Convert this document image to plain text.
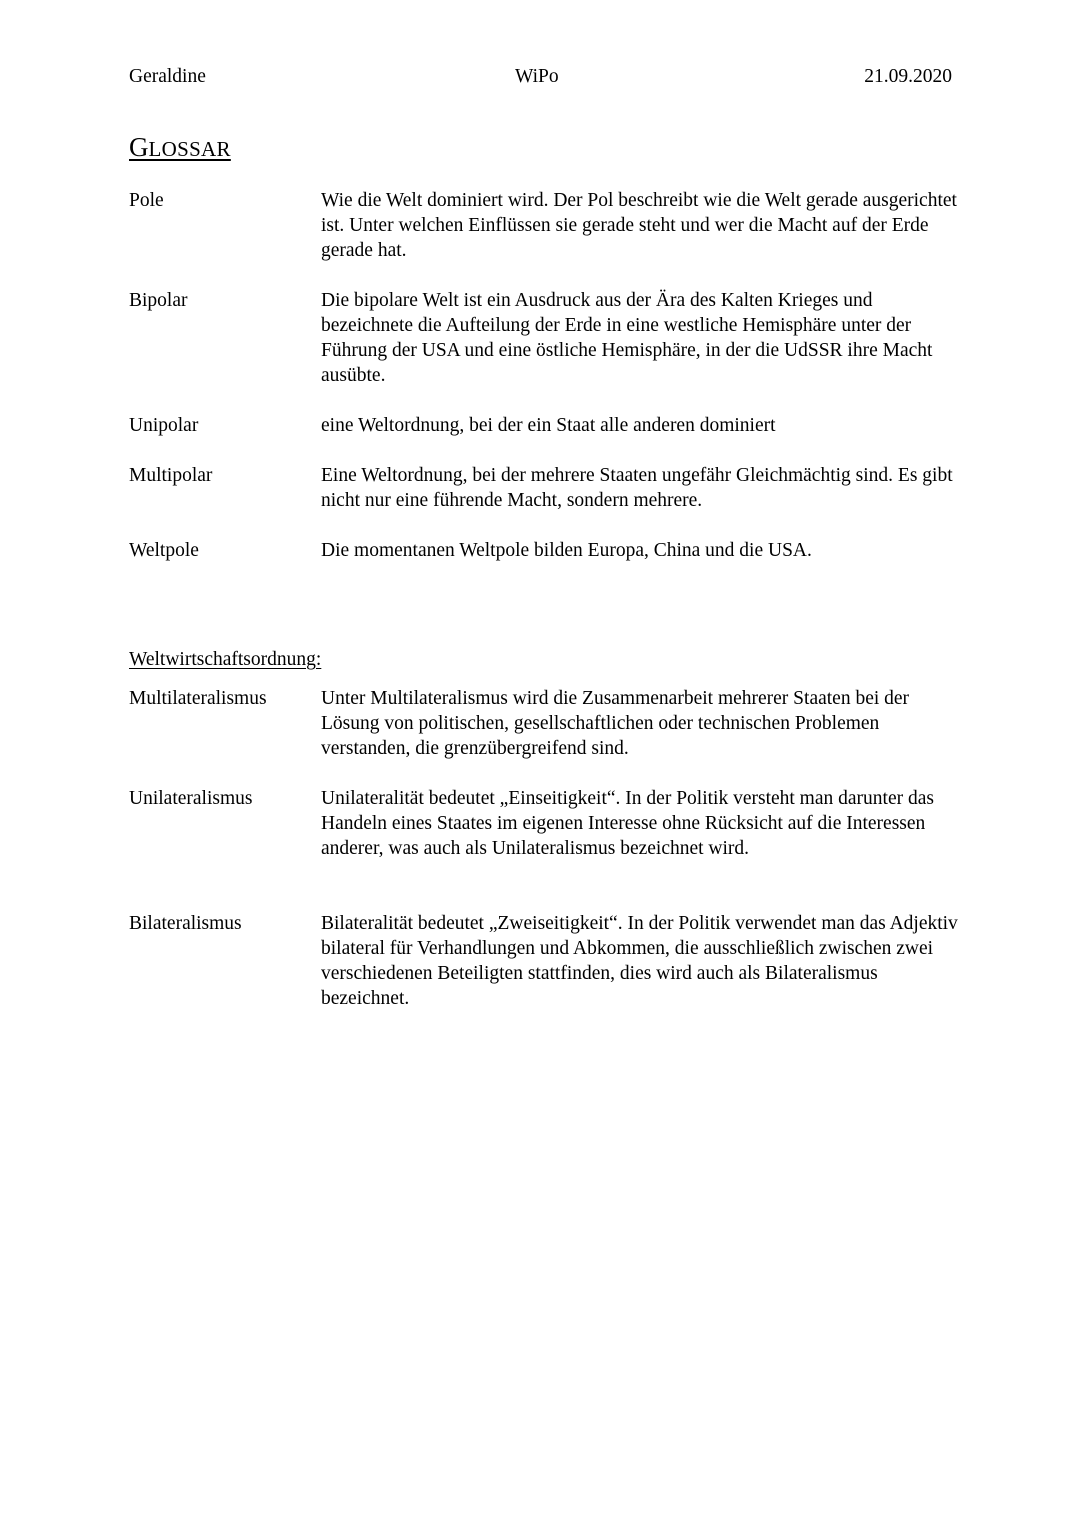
Geraldine	WiPo	21.09.2020
GLOSSAR
Pole	Wie die Welt dominiert wird. Der Pol beschreibt wie die Welt gerade ausgerichtet ist. Unter welchen Einflüssen sie gerade steht und wer die Macht auf der Erde gerade hat.
Bipolar	Die bipolare Welt ist ein Ausdruck aus der Ära des Kalten Krieges und bezeichnete die Aufteilung der Erde in eine westliche Hemisphäre unter der Führung der USA und eine östliche Hemisphäre, in der die UdSSR ihre Macht ausübte.
Unipolar	eine Weltordnung, bei der ein Staat alle anderen dominiert
Multipolar	Eine Weltordnung, bei der mehrere Staaten ungefähr Gleichmächtig sind. Es gibt nicht nur eine führende Macht, sondern mehrere.
Weltpole	Die momentanen Weltpole bilden Europa, China und die USA.
Weltwirtschaftsordnung:
Multilateralismus	Unter Multilateralismus wird die Zusammenarbeit mehrerer Staaten bei der Lösung von politischen, gesellschaftlichen oder technischen Problemen verstanden, die grenzübergreifend sind.
Unilateralismus	Unilateralität bedeutet „Einseitigkeit“. In der Politik versteht man darunter das Handeln eines Staates im eigenen Interesse ohne Rücksicht auf die Interessen anderer, was auch als Unilateralismus bezeichnet wird.
Bilateralismus	Bilateralität bedeutet „Zweiseitigkeit“. In der Politik verwendet man das Adjektiv bilateral für Verhandlungen und Abkommen, die ausschließlich zwischen zwei verschiedenen Beteiligten stattfinden, dies wird auch als Bilateralismus bezeichnet.
